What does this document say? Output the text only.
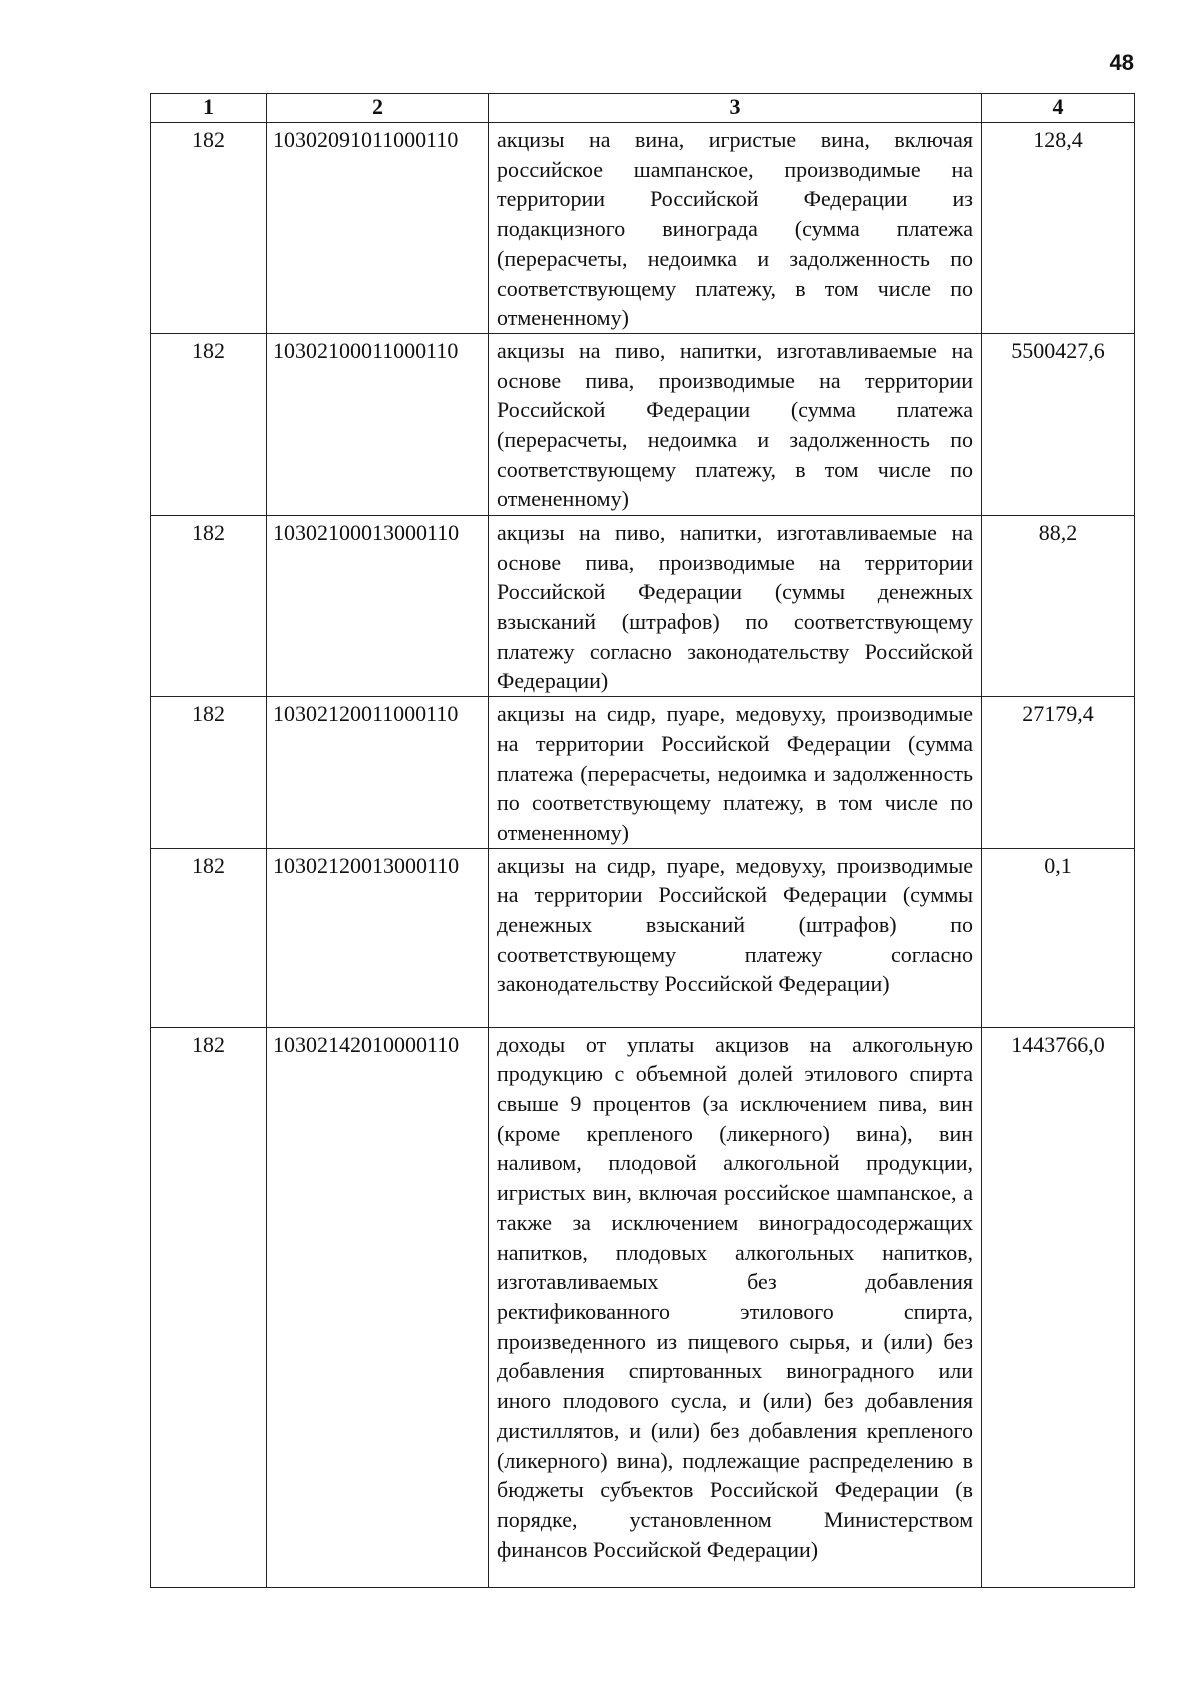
48
1	2	3	4
182	10302091011000110	акцизы на вина, игристые вина, включая российское шампанское, производимые на территории Российской Федерации из подакцизного винограда (сумма платежа (перерасчеты, недоимка и задолженность по соответствующему платежу, в том числе по отмененному)	128,4
182	10302100011000110	акцизы на пиво, напитки, изготавливаемые на основе пива, производимые на территории Российской Федерации (сумма платежа (перерасчеты, недоимка и задолженность по соответствующему платежу, в том числе по отмененному)	5500427,6
182	10302100013000110	акцизы на пиво, напитки, изготавливаемые на основе пива, производимые на территории Российской Федерации (суммы денежных взысканий (штрафов) по соответствующему платежу согласно законодательству Российской Федерации)	88,2
182	10302120011000110	акцизы на сидр, пуаре, медовуху, производимые на территории Российской Федерации (сумма платежа (перерасчеты, недоимка и задолженность по соответствующему платежу, в том числе по отмененному)	27179,4
182	10302120013000110	акцизы на сидр, пуаре, медовуху, производимые на территории Российской Федерации (суммы денежных взысканий (штрафов) по соответствующему платежу согласно законодательству Российской Федерации)	0,1
182	10302142010000110	доходы от уплаты акцизов на алкогольную продукцию с объемной долей этилового спирта свыше 9 процентов (за исключением пива, вин (кроме крепленого (ликерного) вина), вин наливом, плодовой алкогольной продукции, игристых вин, включая российское шампанское, а также за исключением виноградосодержащих напитков, плодовых алкогольных напитков, изготавливаемых без добавления ректификованного этилового спирта, произведенного из пищевого сырья, и (или) без добавления спиртованных виноградного или иного плодового сусла, и (или) без добавления дистиллятов, и (или) без добавления крепленого (ликерного) вина), подлежащие распределению в бюджеты субъектов Российской Федерации (в порядке, установленном Министерством финансов Российской Федерации)	1443766,0
